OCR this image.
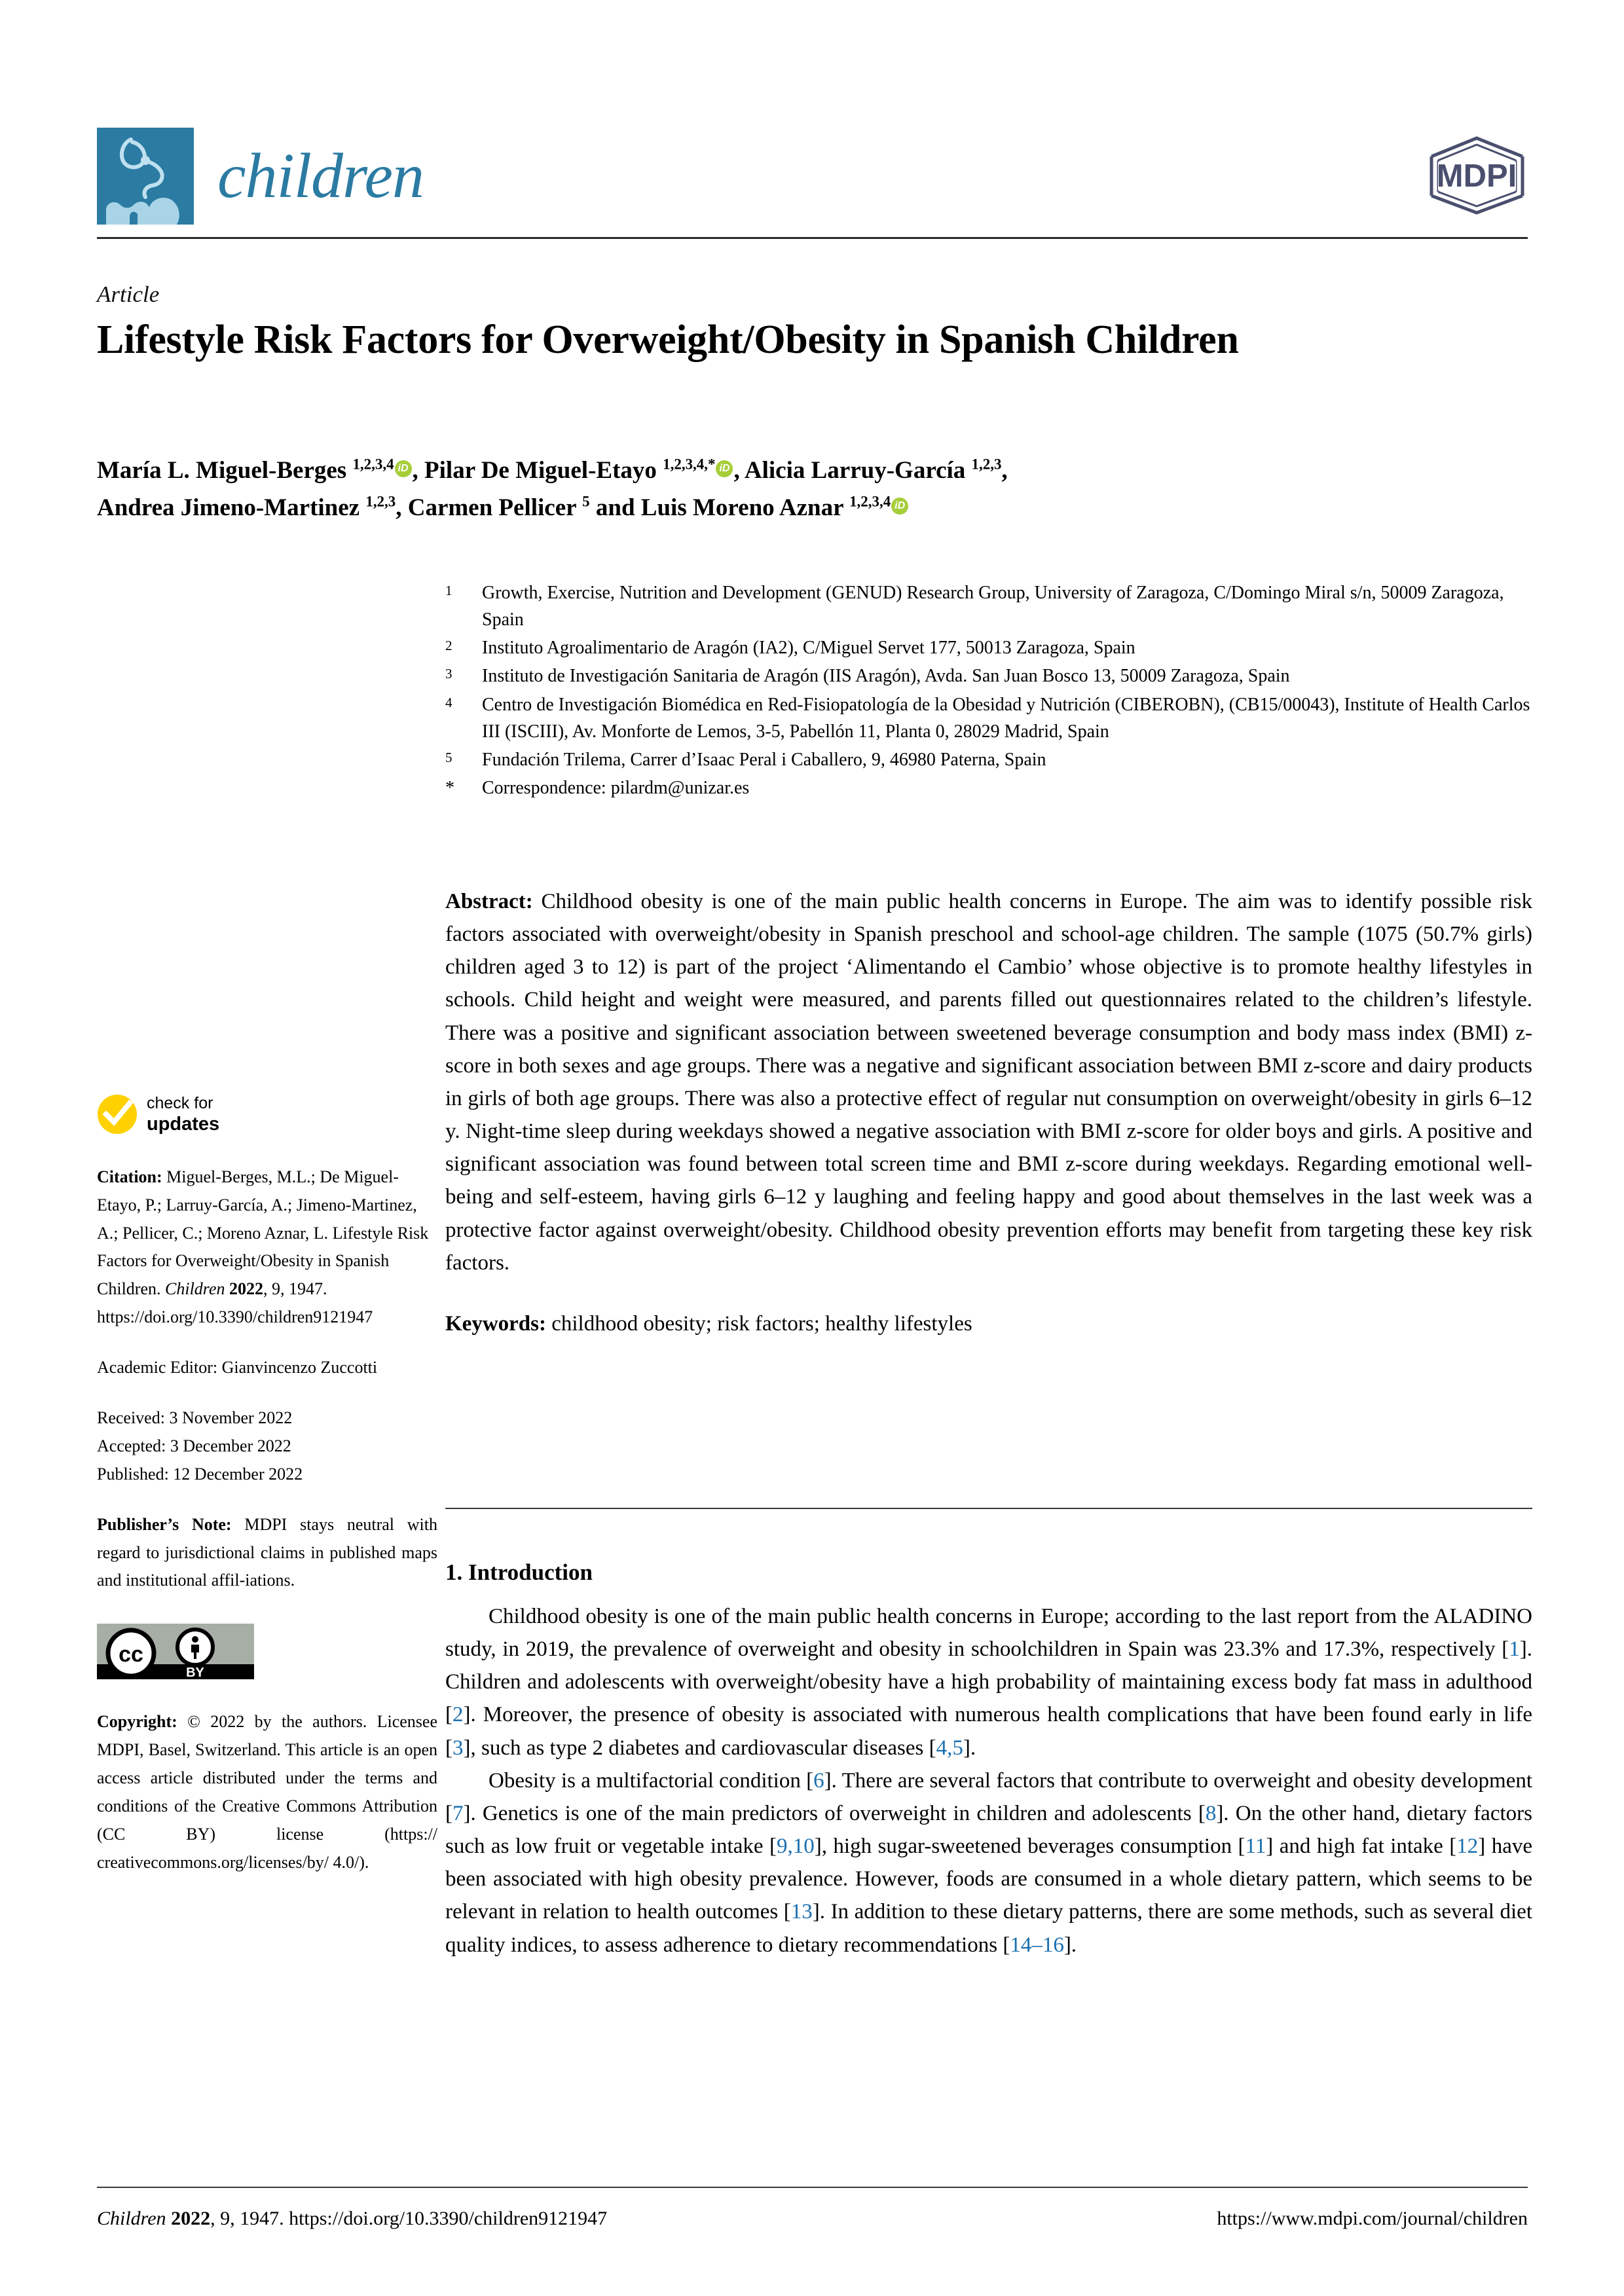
children	MDPI
Article
Lifestyle Risk Factors for Overweight/Obesity in Spanish Children
María L. Miguel-Berges $^{1,2,3,4}$ iD , Pilar De Miguel-Etayo $^{1,2,3,4,*}$ iD , Alicia Larruy-García $^{1,2,3}$,
Andrea Jimeno-Martinez $^{1,2,3}$, Carmen Pellicer $^5$ and Luis Moreno Aznar $^{1,2,3,4}$ iD
1	Growth, Exercise, Nutrition and Development (GENUD) Research Group, University of Zaragoza, C/Domingo Miral s/n, 50009 Zaragoza, Spain
2	Instituto Agroalimentario de Aragón (IA2), C/Miguel Servet 177, 50013 Zaragoza, Spain
3	Instituto de Investigación Sanitaria de Aragón (IIS Aragón), Avda. San Juan Bosco 13, 50009 Zaragoza, Spain
4	Centro de Investigación Biomédica en Red-Fisiopatología de la Obesidad y Nutrición (CIBEROBN), (CB15/00043), Institute of Health Carlos III (ISCIII), Av. Monforte de Lemos, 3-5, Pabellón 11, Planta 0, 28029 Madrid, Spain
5	Fundación Trilema, Carrer d’Isaac Peral i Caballero, 9, 46980 Paterna, Spain
*	Correspondence: pilardm@unizar.es
check for
updates
Citation: Miguel-Berges, M.L.; De Miguel-Etayo, P.; Larruy-García, A.; Jimeno-Martinez, A.; Pellicer, C.; Moreno Aznar, L. Lifestyle Risk Factors for Overweight/Obesity in Spanish Children. Children 2022, 9, 1947. https://doi.org/10.3390/children9121947
Academic Editor: Gianvincenzo Zuccotti
Received: 3 November 2022
Accepted: 3 December 2022
Published: 12 December 2022
Publisher’s Note: MDPI stays neutral with regard to jurisdictional claims in published maps and institutional affil-iations.
cc
BY
Copyright: © 2022 by the authors. Licensee MDPI, Basel, Switzerland. This article is an open access article distributed under the terms and conditions of the Creative Commons Attribution (CC BY) license (https:// creativecommons.org/licenses/by/ 4.0/).
Abstract: Childhood obesity is one of the main public health concerns in Europe. The aim was to identify possible risk factors associated with overweight/obesity in Spanish preschool and school-age children. The sample (1075 (50.7% girls) children aged 3 to 12) is part of the project ‘Alimentando el Cambio’ whose objective is to promote healthy lifestyles in schools. Child height and weight were measured, and parents filled out questionnaires related to the children’s lifestyle. There was a positive and significant association between sweetened beverage consumption and body mass index (BMI) z-score in both sexes and age groups. There was a negative and significant association between BMI z-score and dairy products in girls of both age groups. There was also a protective effect of regular nut consumption on overweight/obesity in girls 6–12 y. Night-time sleep during weekdays showed a negative association with BMI z-score for older boys and girls. A positive and significant association was found between total screen time and BMI z-score during weekdays. Regarding emotional well-being and self-esteem, having girls 6–12 y laughing and feeling happy and good about themselves in the last week was a protective factor against overweight/obesity. Childhood obesity prevention efforts may benefit from targeting these key risk factors.
Keywords: childhood obesity; risk factors; healthy lifestyles
1. Introduction
Childhood obesity is one of the main public health concerns in Europe; according to the last report from the ALADINO study, in 2019, the prevalence of overweight and obesity in schoolchildren in Spain was 23.3% and 17.3%, respectively [1]. Children and adolescents with overweight/obesity have a high probability of maintaining excess body fat mass in adulthood [2]. Moreover, the presence of obesity is associated with numerous health complications that have been found early in life [3], such as type 2 diabetes and cardiovascular diseases [4,5].
Obesity is a multifactorial condition [6]. There are several factors that contribute to overweight and obesity development [7]. Genetics is one of the main predictors of overweight in children and adolescents [8]. On the other hand, dietary factors such as low fruit or vegetable intake [9,10], high sugar-sweetened beverages consumption [11] and high fat intake [12] have been associated with high obesity prevalence. However, foods are consumed in a whole dietary pattern, which seems to be relevant in relation to health outcomes [13]. In addition to these dietary patterns, there are some methods, such as several diet quality indices, to assess adherence to dietary recommendations [14–16].
Children 2022, 9, 1947. https://doi.org/10.3390/children9121947	https://www.mdpi.com/journal/children
